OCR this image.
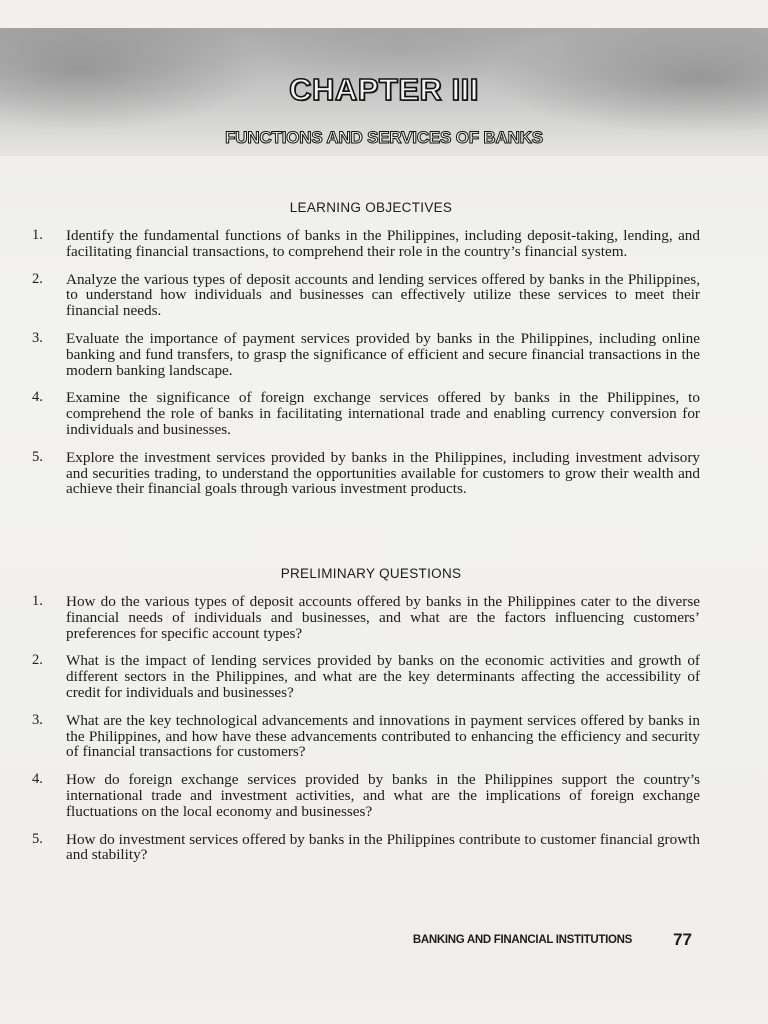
CHAPTER III
FUNCTIONS AND SERVICES OF BANKS
LEARNING OBJECTIVES
1.	Identify the fundamental functions of banks in the Philippines, including deposit-taking, lending, and facilitating financial transactions, to comprehend their role in the country’s financial system.
2.	Analyze the various types of deposit accounts and lending services offered by banks in the Philippines, to understand how individuals and businesses can effectively utilize these services to meet their financial needs.
3.	Evaluate the importance of payment services provided by banks in the Philippines, including online banking and fund transfers, to grasp the significance of efficient and secure financial transactions in the modern banking landscape.
4.	Examine the significance of foreign exchange services offered by banks in the Philippines, to comprehend the role of banks in facilitating international trade and enabling currency conversion for individuals and businesses.
5.	Explore the investment services provided by banks in the Philippines, including investment advisory and securities trading, to understand the opportunities available for customers to grow their wealth and achieve their financial goals through various investment products.
PRELIMINARY QUESTIONS
1.	How do the various types of deposit accounts offered by banks in the Philippines cater to the diverse financial needs of individuals and businesses, and what are the factors influencing customers’ preferences for specific account types?
2.	What is the impact of lending services provided by banks on the economic activities and growth of different sectors in the Philippines, and what are the key determinants affecting the accessibility of credit for individuals and businesses?
3.	What are the key technological advancements and innovations in payment services offered by banks in the Philippines, and how have these advancements contributed to enhancing the efficiency and security of financial transactions for customers?
4.	How do foreign exchange services provided by banks in the Philippines support the country’s international trade and investment activities, and what are the implications of foreign exchange fluctuations on the local economy and businesses?
5.	How do investment services offered by banks in the Philippines contribute to customer financial growth and stability?
BANKING AND FINANCIAL INSTITUTIONS 77
